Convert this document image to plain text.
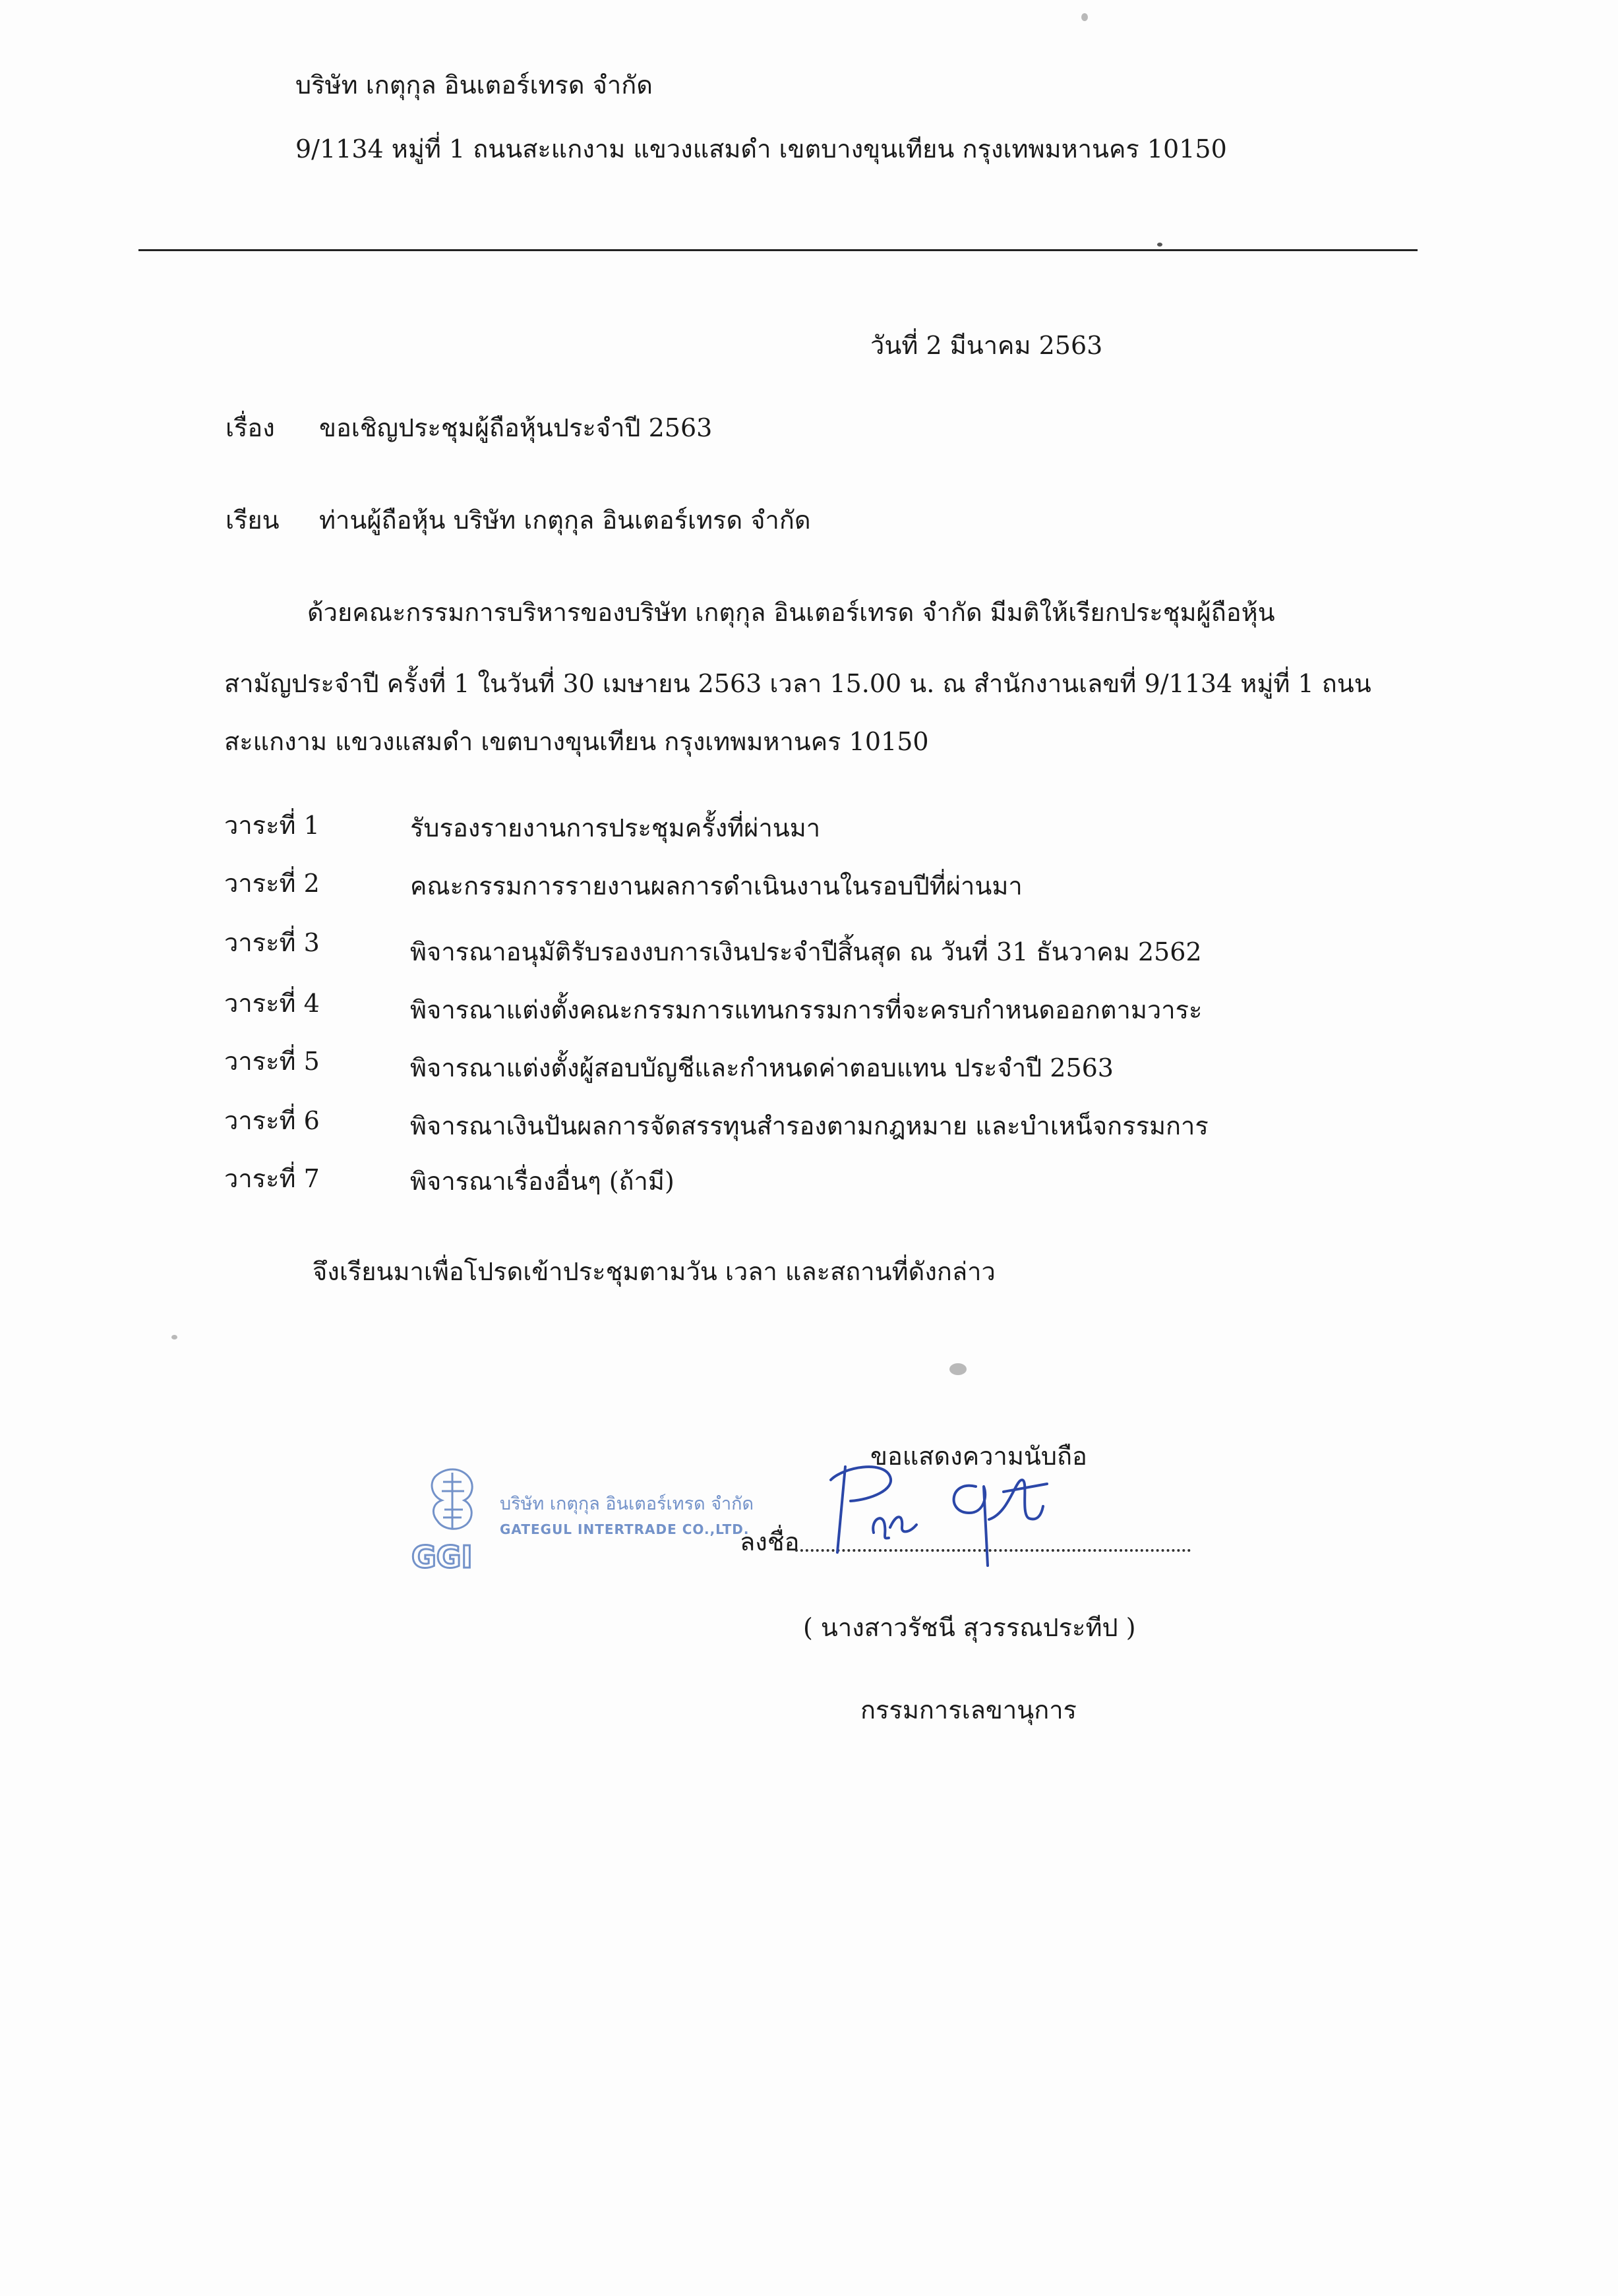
บริษัท เกตุกุล อินเตอร์เทรด จำกัด
9/1134 หมู่ที่ 1 ถนนสะแกงาม แขวงแสมดำ เขตบางขุนเทียน กรุงเทพมหานคร 10150
วันที่ 2 มีนาคม 2563
เรื่อง ขอเชิญประชุมผู้ถือหุ้นประจำปี 2563
เรียน ท่านผู้ถือหุ้น บริษัท เกตุกุล อินเตอร์เทรด จำกัด
ด้วยคณะกรรมการบริหารของบริษัท เกตุกุล อินเตอร์เทรด จำกัด มีมติให้เรียกประชุมผู้ถือหุ้น
สามัญประจำปี ครั้งที่ 1 ในวันที่ 30 เมษายน 2563 เวลา 15.00 น. ณ สำนักงานเลขที่ 9/1134 หมู่ที่ 1 ถนน
สะแกงาม แขวงแสมดำ เขตบางขุนเทียน กรุงเทพมหานคร 10150
วาระที่ 1	รับรองรายงานการประชุมครั้งที่ผ่านมา
วาระที่ 2	คณะกรรมการรายงานผลการดำเนินงานในรอบปีที่ผ่านมา
วาระที่ 3	พิจารณาอนุมัติรับรองงบการเงินประจำปีสิ้นสุด ณ วันที่ 31 ธันวาคม 2562
วาระที่ 4	พิจารณาแต่งตั้งคณะกรรมการแทนกรรมการที่จะครบกำหนดออกตามวาระ
วาระที่ 5	พิจารณาแต่งตั้งผู้สอบบัญชีและกำหนดค่าตอบแทน ประจำปี 2563
วาระที่ 6	พิจารณาเงินปันผลการจัดสรรทุนสำรองตามกฎหมาย และบำเหน็จกรรมการ
วาระที่ 7	พิจารณาเรื่องอื่นๆ (ถ้ามี)
จึงเรียนมาเพื่อโปรดเข้าประชุมตามวัน เวลา และสถานที่ดังกล่าว
ขอแสดงความนับถือ
GGI
บริษัท เกตุกุล อินเตอร์เทรด จำกัด
GATEGUL INTERTRADE CO.,LTD.
ลงชื่อ
( นางสาวรัชนี สุวรรณประทีป )
กรรมการเลขานุการ
